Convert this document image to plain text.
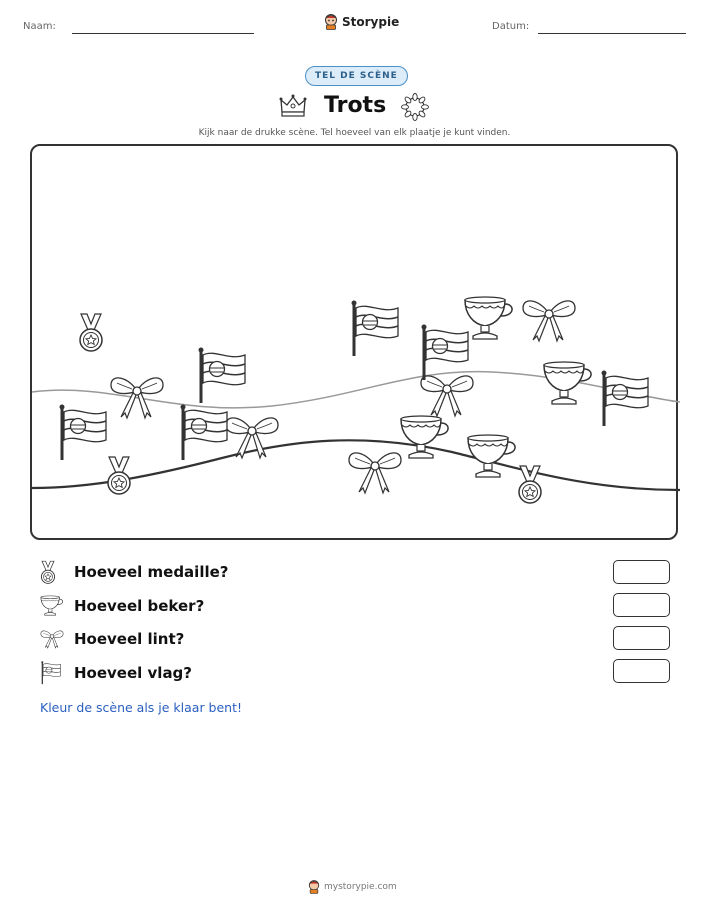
Naam:	Storypie	Datum:
TEL DE SCÈNE
Trots
Kijk naar de drukke scène. Tel hoeveel van elk plaatje je kunt vinden.
Hoeveel medaille?
Hoeveel beker?
Hoeveel lint?
Hoeveel vlag?
Kleur de scène als je klaar bent!
mystorypie.com
